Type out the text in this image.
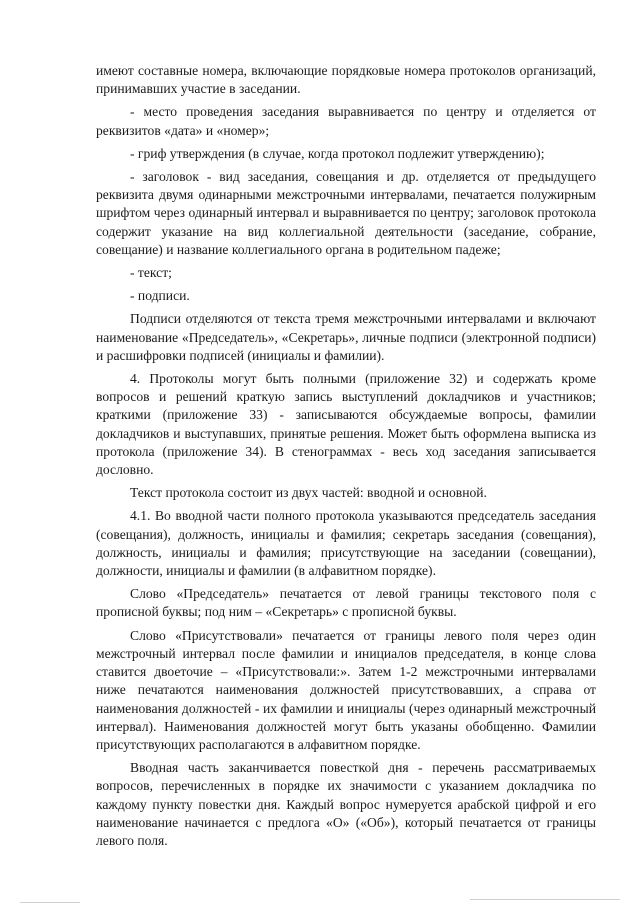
имеют составные номера, включающие порядковые номера протоколов организаций, принимавших участие в заседании.

- место проведения заседания выравнивается по центру и отделяется от реквизитов «дата» и «номер»;

- гриф утверждения (в случае, когда протокол подлежит утверждению);

- заголовок - вид заседания, совещания и др. отделяется от предыдущего реквизита двумя одинарными межстрочными интервалами, печатается полужирным шрифтом через одинарный интервал и выравнивается по центру; заголовок протокола содержит указание на вид коллегиальной деятельности (заседание, собрание, совещание) и название коллегиального органа в родительном падеже;

- текст;

- подписи.

Подписи отделяются от текста тремя межстрочными интервалами и включают наименование «Председатель», «Секретарь», личные подписи (электронной подписи) и расшифровки подписей (инициалы и фамилии).

4. Протоколы могут быть полными (приложение 32) и содержать кроме вопросов и решений краткую запись выступлений докладчиков и участников; краткими (приложение 33) - записываются обсуждаемые вопросы, фамилии докладчиков и выступавших, принятые решения. Может быть оформлена выписка из протокола (приложение 34). В стенограммах - весь ход заседания записывается дословно.

Текст протокола состоит из двух частей: вводной и основной.

4.1. Во вводной части полного протокола указываются председатель заседания (совещания), должность, инициалы и фамилия; секретарь заседания (совещания), должность, инициалы и фамилия; присутствующие на заседании (совещании), должности, инициалы и фамилии (в алфавитном порядке).

Слово «Председатель» печатается от левой границы текстового поля с прописной буквы; под ним – «Секретарь» с прописной буквы.

Слово «Присутствовали» печатается от границы левого поля через один межстрочный интервал после фамилии и инициалов председателя, в конце слова ставится двоеточие – «Присутствовали:». Затем 1-2 межстрочными интервалами ниже печатаются наименования должностей присутствовавших, а справа от наименования должностей - их фамилии и инициалы (через одинарный межстрочный интервал). Наименования должностей могут быть указаны обобщенно. Фамилии присутствующих располагаются в алфавитном порядке.

Вводная часть заканчивается повесткой дня - перечень рассматриваемых вопросов, перечисленных в порядке их значимости с указанием докладчика по каждому пункту повестки дня. Каждый вопрос нумеруется арабской цифрой и его наименование начинается с предлога «О» («Об»), который печатается от границы левого поля.
